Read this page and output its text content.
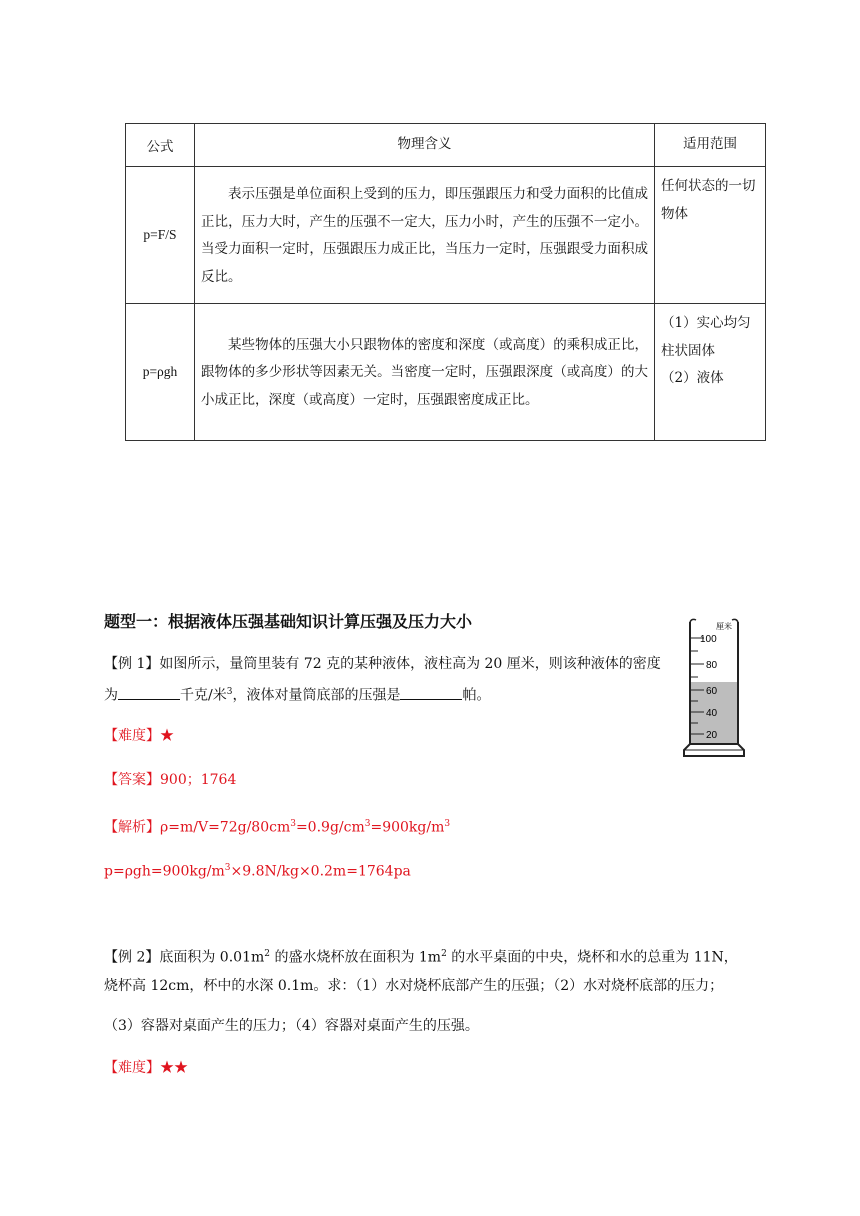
公式	物理含义	适用范围
p=F/S	表示压强是单位面积上受到的压力，即压强跟压力和受力面积的比值成正比，压力大时，产生的压强不一定大，压力小时，产生的压强不一定小。当受力面积一定时，压强跟压力成正比，当压力一定时，压强跟受力面积成反比。	任何状态的一切物体
p=ρgh	某些物体的压强大小只跟物体的密度和深度（或高度）的乘积成正比，跟物体的多少形状等因素无关。当密度一定时，压强跟深度（或高度）的大小成正比，深度（或高度）一定时，压强跟密度成正比。	（1）实心均匀柱状固体
（2）液体
题型一：根据液体压强基础知识计算压强及压力大小
【例 1】如图所示，量筒里装有 72 克的某种液体，液柱高为 20 厘米，则该种液体的密度为	千克/米$^3$，液体对量筒底部的压强是	帕。
【难度】★
【答案】900；1764
【解析】$\rho=m/V=72g/80cm^3=0.9g/cm^3=900kg/m^3$
$p=\rho gh=900kg/m^3\times 9.8N/kg\times 0.2m=1764pa$
厘米
100
80
60
40
20
【例 2】底面积为 $0.01m^2$ 的盛水烧杯放在面积为 $1m^2$ 的水平桌面的中央，烧杯和水的总重为 11N，
烧杯高 12cm，杯中的水深 0.1m。求：（1）水对烧杯底部产生的压强；（2）水对烧杯底部的压力；
（3）容器对桌面产生的压力；（4）容器对桌面产生的压强。
【难度】★★
